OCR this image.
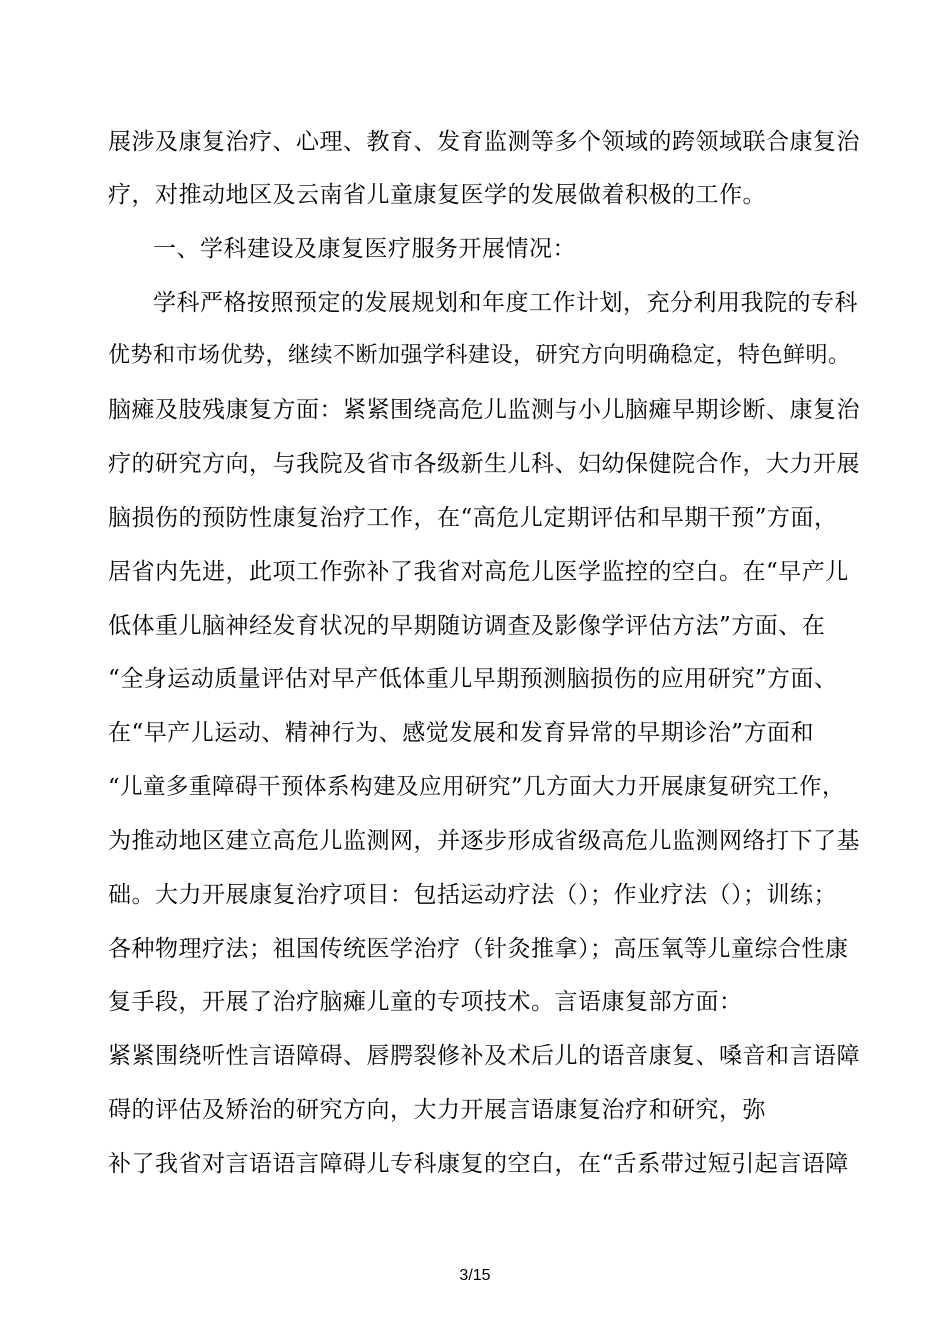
展涉及康复治疗、心理、教育、发育监测等多个领域的跨领域联合康复治
疗，对推动地区及云南省儿童康复医学的发展做着积极的工作。
一、学科建设及康复医疗服务开展情况：
学科严格按照预定的发展规划和年度工作计划，充分利用我院的专科
优势和市场优势，继续不断加强学科建设，研究方向明确稳定，特色鲜明。
脑瘫及肢残康复方面：紧紧围绕高危儿监测与小儿脑瘫早期诊断、康复治
疗的研究方向，与我院及省市各级新生儿科、妇幼保健院合作，大力开展
脑损伤的预防性康复治疗工作，在“高危儿定期评估和早期干预”方面，
居省内先进，此项工作弥补了我省对高危儿医学监控的空白。在“早产儿
低体重儿脑神经发育状况的早期随访调查及影像学评估方法”方面、在
“全身运动质量评估对早产低体重儿早期预测脑损伤的应用研究”方面、
在“早产儿运动、精神行为、感觉发展和发育异常的早期诊治”方面和
“儿童多重障碍干预体系构建及应用研究”几方面大力开展康复研究工作，
为推动地区建立高危儿监测网，并逐步形成省级高危儿监测网络打下了基
础。大力开展康复治疗项目：包括运动疗法（）；作业疗法（）；训练；
各种物理疗法；祖国传统医学治疗（针灸推拿）；高压氧等儿童综合性康
复手段，开展了治疗脑瘫儿童的专项技术。言语康复部方面：
紧紧围绕听性言语障碍、唇腭裂修补及术后儿的语音康复、嗓音和言语障
碍的评估及矫治的研究方向，大力开展言语康复治疗和研究，弥
补了我省对言语语言障碍儿专科康复的空白，在“舌系带过短引起言语障
3/15
